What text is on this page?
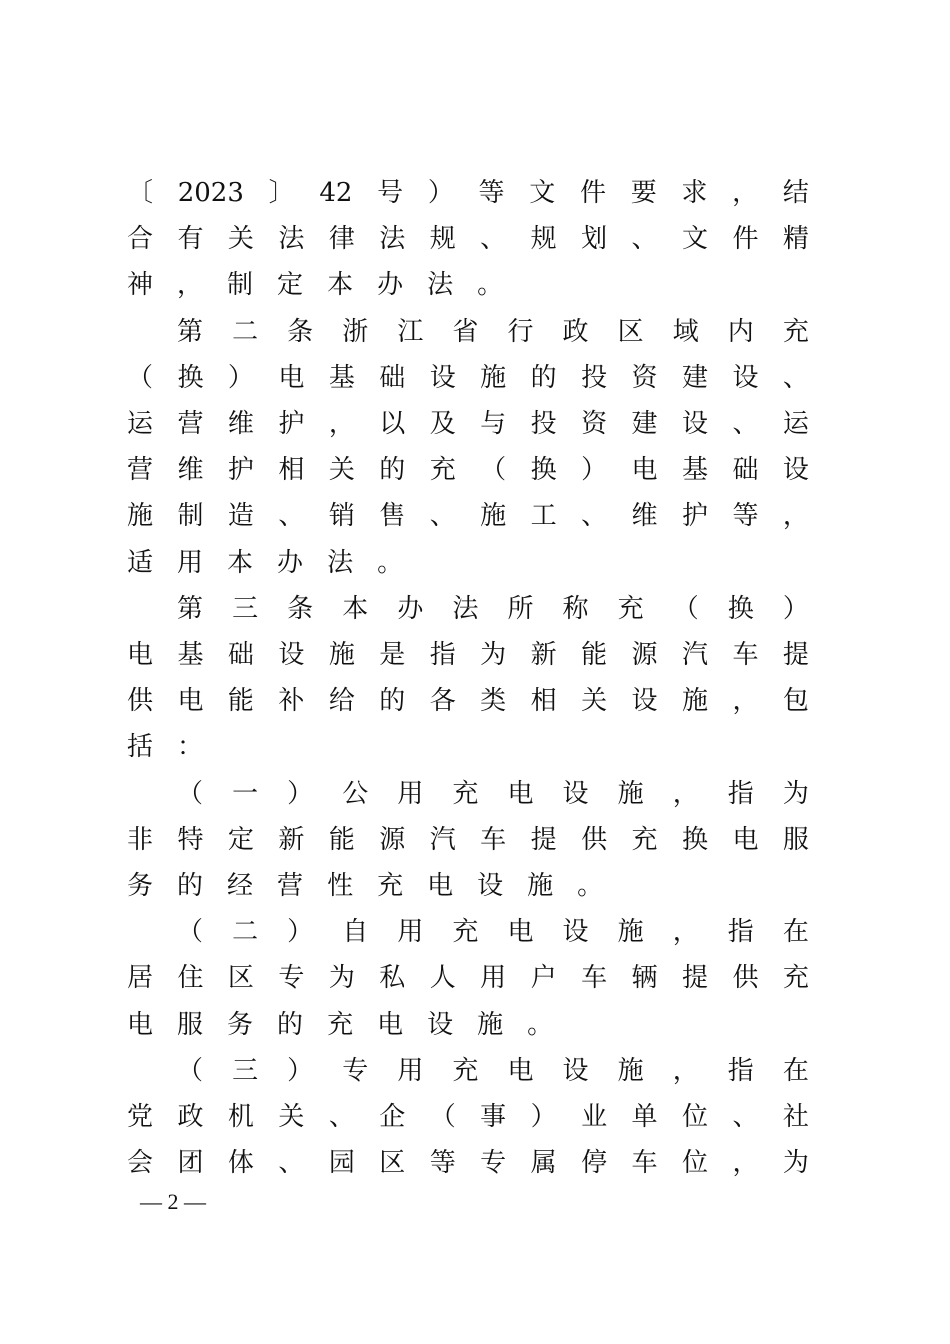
〔 2023 〕 42 号 ） 等 文 件 要 求 ， 结
合 有 关 法 律 法 规 、 规 划 、 文 件 精
神 ， 制 定 本 办 法 。
第 二 条 浙 江 省 行 政 区 域 内 充
（ 换 ） 电 基 础 设 施 的 投 资 建 设 、
运 营 维 护 ， 以 及 与 投 资 建 设 、 运
营 维 护 相 关 的 充 （ 换 ） 电 基 础 设
施 制 造 、 销 售 、 施 工 、 维 护 等 ，
适 用 本 办 法 。
第 三 条 本 办 法 所 称 充 （ 换 ）
电 基 础 设 施 是 指 为 新 能 源 汽 车 提
供 电 能 补 给 的 各 类 相 关 设 施 ， 包
括 ：
（ 一 ） 公 用 充 电 设 施 ， 指 为
非 特 定 新 能 源 汽 车 提 供 充 换 电 服
务 的 经 营 性 充 电 设 施 。
（ 二 ） 自 用 充 电 设 施 ， 指 在
居 住 区 专 为 私 人 用 户 车 辆 提 供 充
电 服 务 的 充 电 设 施 。
（ 三 ） 专 用 充 电 设 施 ， 指 在
党 政 机 关 、 企 （ 事 ） 业 单 位 、 社
会 团 体 、 园 区 等 专 属 停 车 位 ， 为
— 2 —
